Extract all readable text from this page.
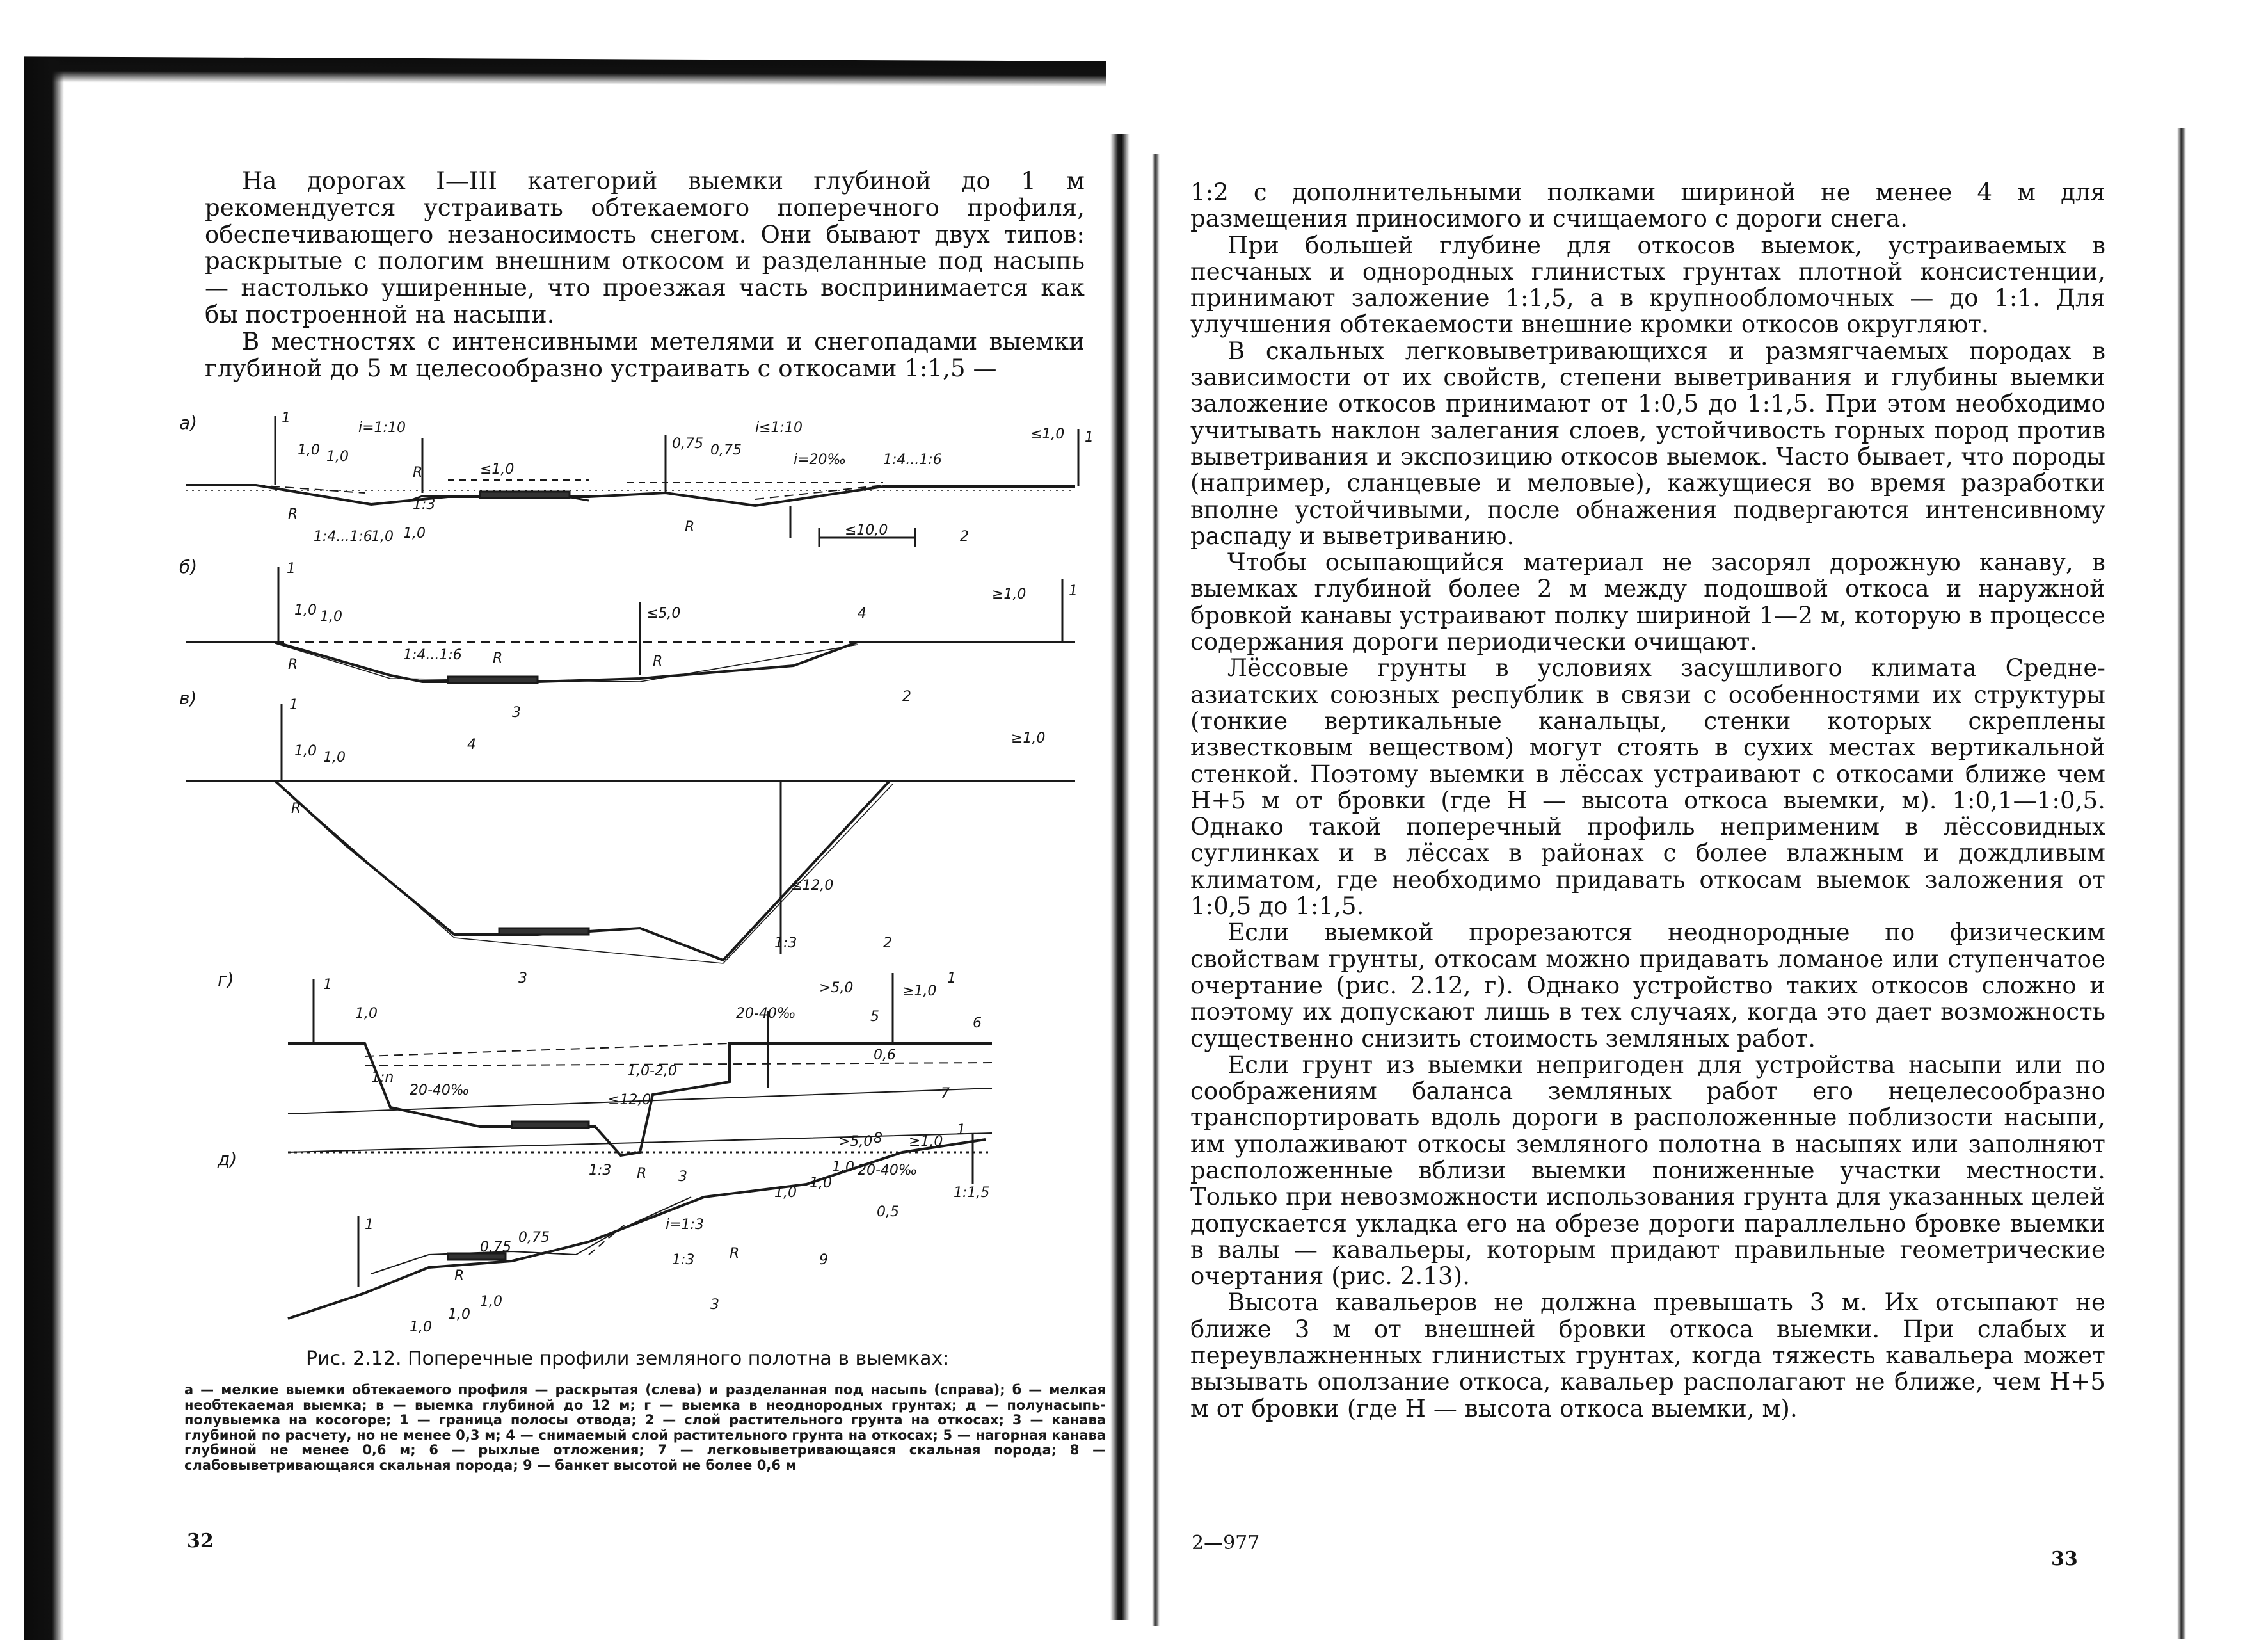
На дорогах I—III категорий выемки глубиной до 1 м рекомендуется устраивать обтекаемого поперечного профиля, обеспечивающего незаносимость снегом. Они бывают двух типов: раскрытые с пологим внешним откосом и разделанные под насыпь — настолько уширенные, что проезжая часть воспринимается как бы построенной на насыпи.

В местностях с интенсивными метелями и снегопадами выемки глубиной до 5 м целесообразно устраивать с откосами 1:1,5 —

а)
б)
в)
г)
д)
1
1,0 1,0
i=1:10
R	≤1,0
1:3
R
1:4...1:6
1,0 1,0
0,75 0,75
i≤1:10
i=20‰	1:4...1:6
≤1,0 1
R	≤10,0	2
1
1,0 1,0
R
1:4...1:6 R
3
≤5,0	4
R
≥1,0	1
2
1
1,0 1,0
R
4	≥1,0
≤12,0
1:3
3
2
1
1,0
1:n
20-40‰
20-40‰
>5,0
5
≥1,0
1
6
≤12,0
1,0-2,0
0,6
7
8
1:3 R 3
1
0,75
0,75
R
1,0
1,0
1,0
i=1:3
1:3 R
3
1,0
1,0
1,0 20-40‰
>5,0	≥1,0
1
0,5
1:1,5
9
Рис. 2.12. Поперечные профили земляного полотна в выемках:
а — мелкие выемки обтекаемого профиля — раскрытая (слева) и разделанная под насыпь (справа); б — мелкая необтекаемая выемка; в — выемка глубиной до 12 м; г — выемка в неоднородных грунтах; д — полунасыпь-полувыемка на косогоре; 1 — граница полосы отвода; 2 — слой растительного грунта на откосах; 3 — канава глубиной по расчету, но не менее 0,3 м; 4 — снимаемый слой растительного грунта на откосах; 5 — нагорная канава глубиной не менее 0,6 м; 6 — рыхлые отложения; 7 — легковыветривающаяся скальная порода; 8 — слабовыветривающаяся скальная порода; 9 — банкет высотой не более 0,6 м
32

1:2 с дополнительными полками шириной не менее 4 м для размещения приносимого и счищаемого с дороги снега.

При большей глубине для откосов выемок, устраиваемых в песчаных и однородных глинистых грунтах плотной консистенции, принимают заложение 1:1,5, а в крупнообломочных — до 1:1. Для улучшения обтекаемости внешние кромки откосов округляют.

В скальных легковыветривающихся и размягчаемых породах в зависимости от их свойств, степени выветривания и глубины выемки заложение откосов принимают от 1:0,5 до 1:1,5. При этом необходимо учитывать наклон залегания слоев, устойчивость горных пород против выветривания и экспозицию откосов выемок. Часто бывает, что породы (например, сланцевые и меловые), кажущиеся во время разработки вполне устойчивыми, после обнажения подвергаются интенсивному распаду и выветриванию.

Чтобы осыпающийся материал не засорял дорожную канаву, в выемках глубиной более 2 м между подошвой откоса и наружной бровкой канавы устраивают полку шириной 1—2 м, которую в процессе содержания дороги периодически очищают.

Лёссовые грунты в условиях засушливого климата Средне-азиатских союзных республик в связи с особенностями их структуры (тонкие вертикальные канальцы, стенки которых скреплены известковым веществом) могут стоять в сухих местах вертикальной стенкой. Поэтому выемки в лёссах устраивают с откосами ближе чем H+5 м от бровки (где H — высота откоса выемки, м). 1:0,1—1:0,5. Однако такой поперечный профиль неприменим в лёссовидных суглинках и в лёссах в районах с более влажным и дождливым климатом, где необходимо придавать откосам выемок заложения от 1:0,5 до 1:1,5.

Если выемкой прорезаются неоднородные по физическим свойствам грунты, откосам можно придавать ломаное или ступенчатое очертание (рис. 2.12, г). Однако устройство таких откосов сложно и поэтому их допускают лишь в тех случаях, когда это дает возможность существенно снизить стоимость земляных работ.

Если грунт из выемки непригоден для устройства насыпи или по соображениям баланса земляных работ его нецелесообразно транспортировать вдоль дороги в расположенные поблизости насыпи, им уполаживают откосы земляного полотна в насыпях или заполняют расположенные вблизи выемки пониженные участки местности. Только при невозможности использования грунта для указанных целей допускается укладка его на обрезе дороги параллельно бровке выемки в валы — кавальеры, которым придают правильные геометрические очертания (рис. 2.13).

Высота кавальеров не должна превышать 3 м. Их отсыпают не ближе 3 м от внешней бровки откоса выемки. При слабых и переувлажненных глинистых грунтах, когда тяжесть кавальера может вызывать оползание откоса, кавальер располагают не ближе, чем H+5 м от бровки (где H — высота откоса выемки, м).

2—977
33
